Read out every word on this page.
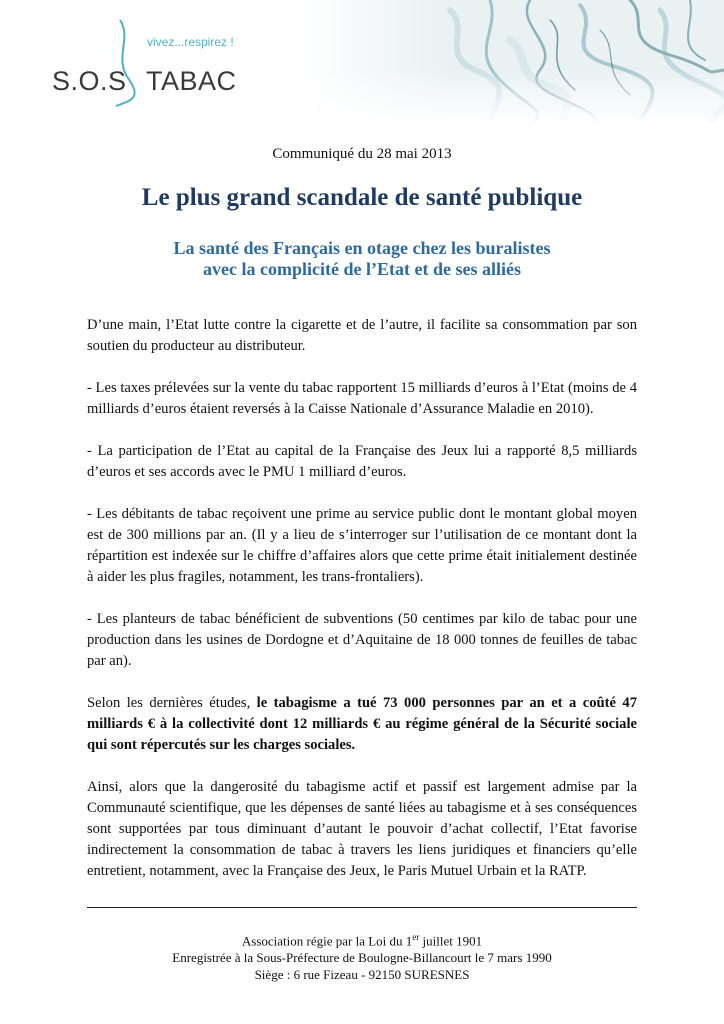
vivez...respirez !
S.O.S TABAC
Communiqué du 28 mai 2013
Le plus grand scandale de santé publique
La santé des Français en otage chez les buralistes
avec la complicité de l’Etat et de ses alliés

D’une main, l’Etat lutte contre la cigarette et de l’autre, il facilite sa consommation par son soutien du producteur au distributeur.

- Les taxes prélevées sur la vente du tabac rapportent 15 milliards d’euros à l’Etat (moins de 4 milliards d’euros étaient reversés à la Caisse Nationale d’Assurance Maladie en 2010).

- La participation de l’Etat au capital de la Française des Jeux lui a rapporté 8,5 milliards d’euros et ses accords avec le PMU 1 milliard d’euros.

- Les débitants de tabac reçoivent une prime au service public dont le montant global moyen est de 300 millions par an. (Il y a lieu de s’interroger sur l’utilisation de ce montant dont la répartition est indexée sur le chiffre d’affaires alors que cette prime était initialement destinée à aider les plus fragiles, notamment, les trans-frontaliers).

- Les planteurs de tabac bénéficient de subventions (50 centimes par kilo de tabac pour une production dans les usines de Dordogne et d’Aquitaine de 18 000 tonnes de feuilles de tabac par an).

Selon les dernières études, le tabagisme a tué 73 000 personnes par an et a coûté 47 milliards € à la collectivité dont 12 milliards € au régime général de la Sécurité sociale qui sont répercutés sur les charges sociales.

Ainsi, alors que la dangerosité du tabagisme actif et passif est largement admise par la Communauté scientifique, que les dépenses de santé liées au tabagisme et à ses conséquences sont supportées par tous diminuant d’autant le pouvoir d’achat collectif, l’Etat favorise indirectement la consommation de tabac à travers les liens juridiques et financiers qu’elle entretient, notamment, avec la Française des Jeux, le Paris Mutuel Urbain et la RATP.

Association régie par la Loi du 1er juillet 1901
Enregistrée à la Sous-Préfecture de Boulogne-Billancourt le 7 mars 1990
Siège : 6 rue Fizeau - 92150 SURESNES
